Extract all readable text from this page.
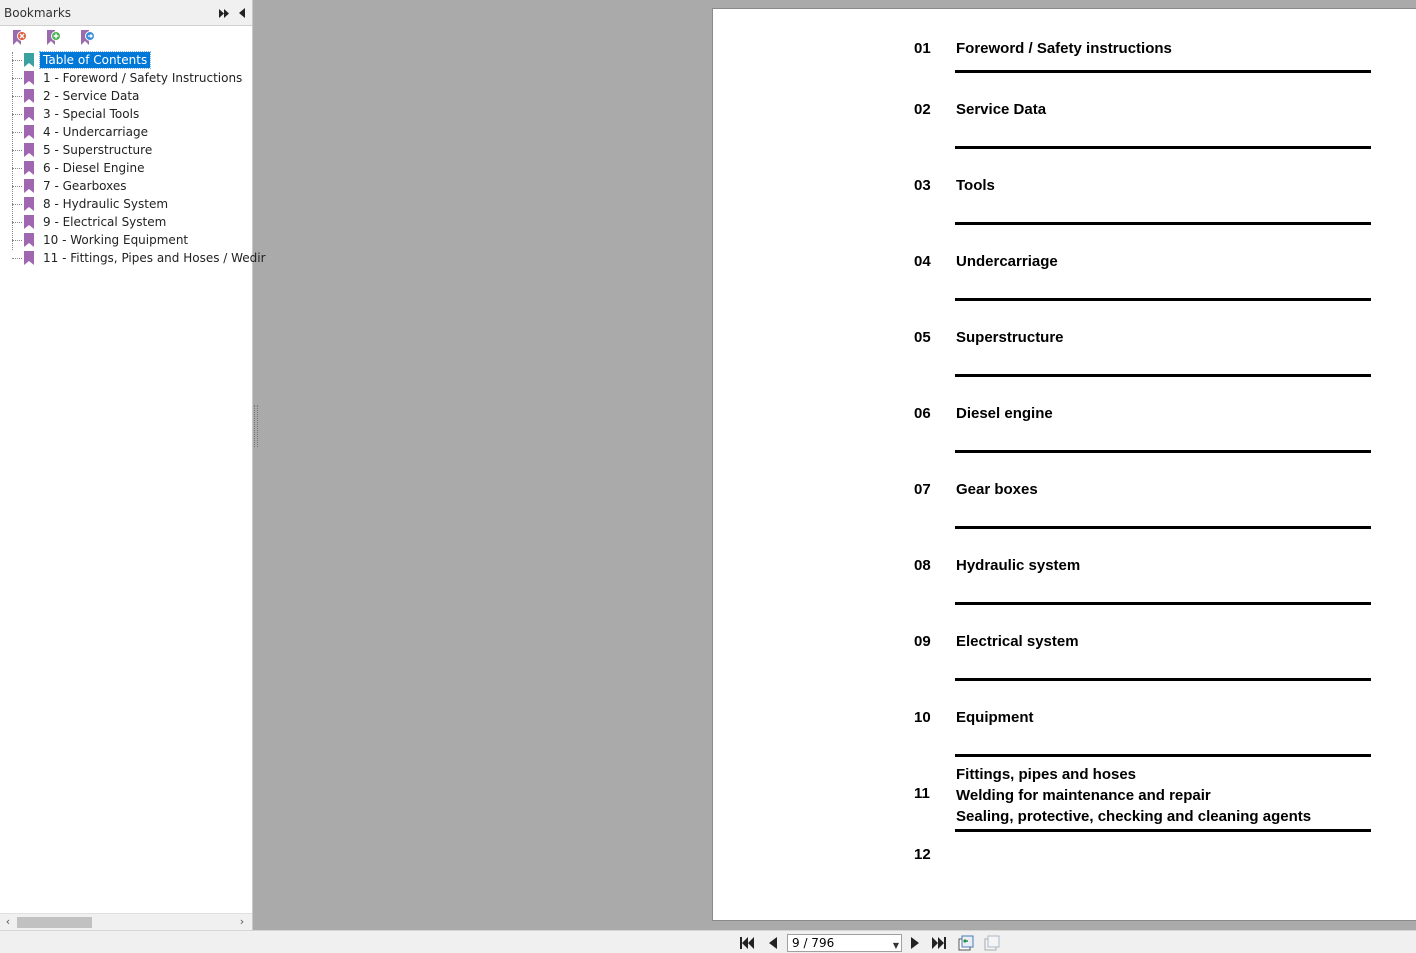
Bookmarks
Table of Contents
1 - Foreword / Safety Instructions
2 - Service Data
3 - Special Tools
4 - Undercarriage
5 - Superstructure
6 - Diesel Engine
7 - Gearboxes
8 - Hydraulic System
9 - Electrical System
10 - Working Equipment
11 - Fittings, Pipes and Hoses / Wedir
‹	›
01	Foreword / Safety instructions
02	Service Data
03	Tools
04	Undercarriage
05	Superstructure
06	Diesel engine
07	Gear boxes
08	Hydraulic system
09	Electrical system
10	Equipment
11
Fittings, pipes and hoses
Welding for maintenance and repair
Sealing, protective, checking and cleaning agents
12
9 / 796	▼
